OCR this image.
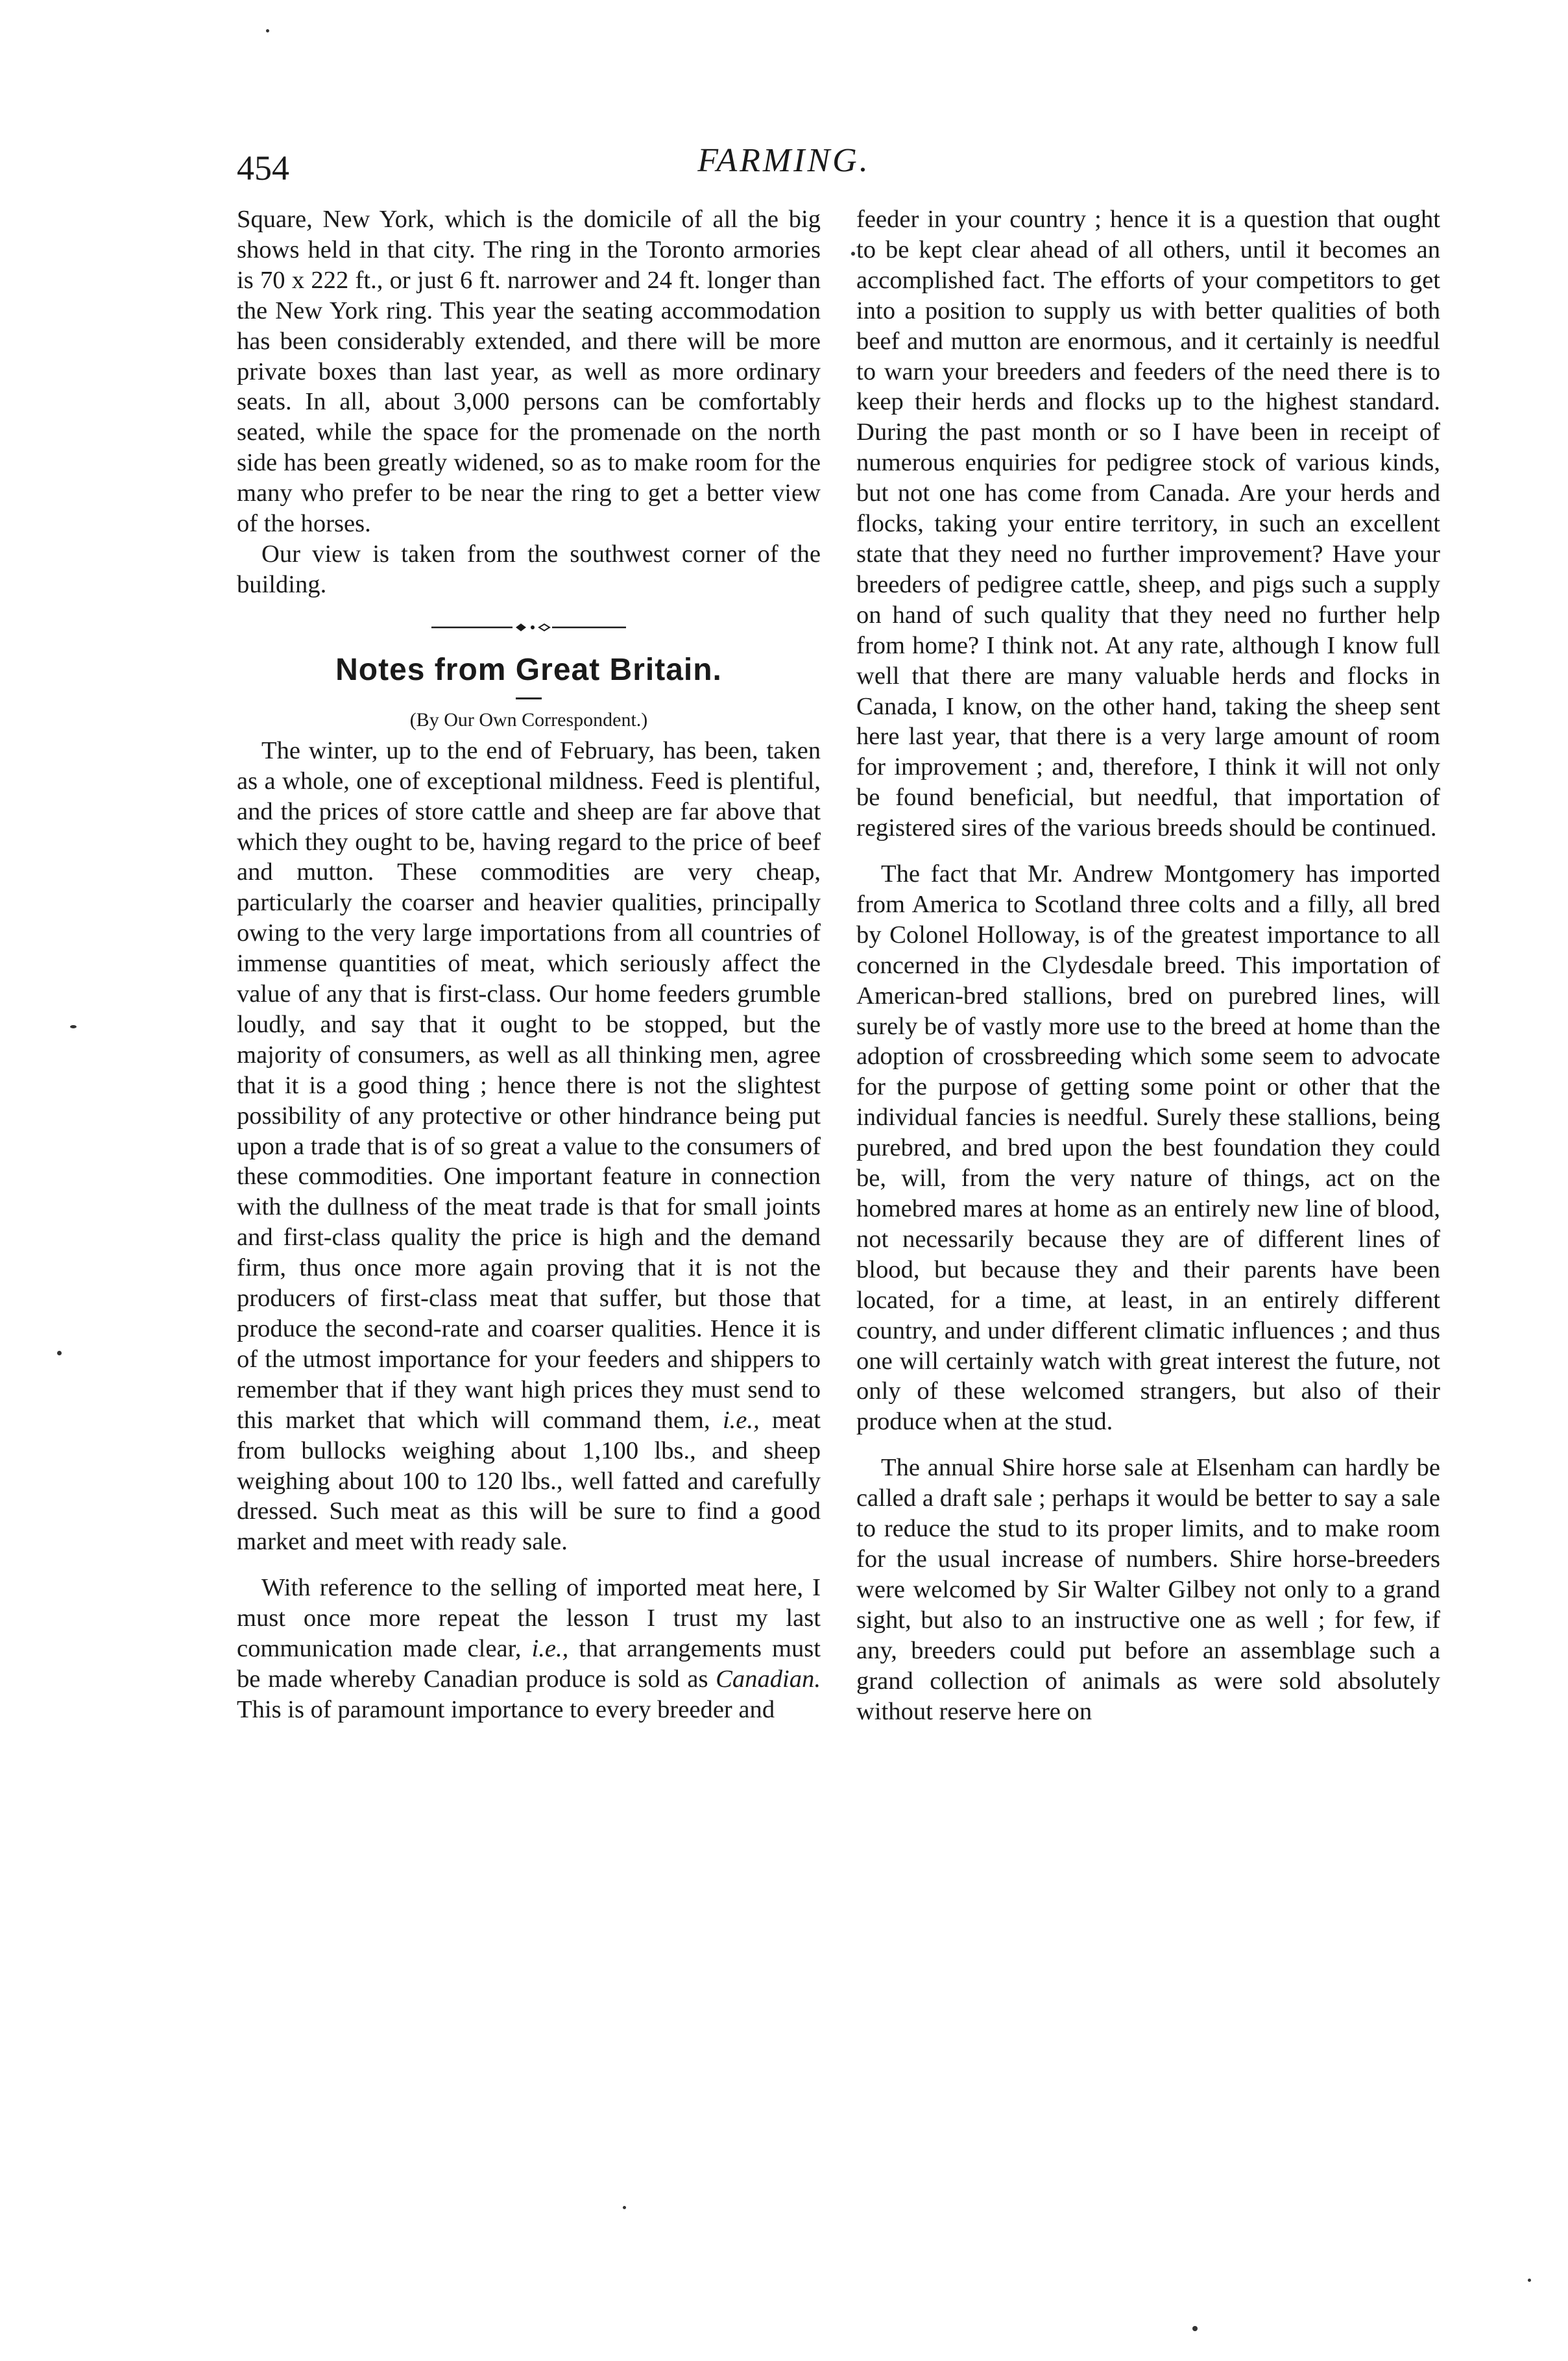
454	FARMING.

Square, New York, which is the domicile of all the big shows held in that city. The ring in the Toronto armories is 70 x 222 ft., or just 6 ft. narrower and 24 ft. longer than the New York ring. This year the seating accommodation has been considerably extended, and there will be more private boxes than last year, as well as more ordinary seats. In all, about 3,000 persons can be comfortably seated, while the space for the promenade on the north side has been greatly widened, so as to make room for the many who prefer to be near the ring to get a better view of the horses.

Our view is taken from the southwest corner of the building.

Notes from Great Britain.
(By Our Own Correspondent.)

The winter, up to the end of February, has been, taken as a whole, one of exceptional mildness. Feed is plentiful, and the prices of store cattle and sheep are far above that which they ought to be, having regard to the price of beef and mutton. These commodities are very cheap, particularly the coarser and heavier qualities, principally owing to the very large importations from all countries of immense quantities of meat, which seriously affect the value of any that is first-class. Our home feeders grumble loudly, and say that it ought to be stopped, but the majority of consumers, as well as all thinking men, agree that it is a good thing ; hence there is not the slightest possibility of any protective or other hindrance being put upon a trade that is of so great a value to the consumers of these commodities. One important feature in connection with the dullness of the meat trade is that for small joints and first-class quality the price is high and the demand firm, thus once more again proving that it is not the producers of first-class meat that suffer, but those that produce the second-rate and coarser qualities. Hence it is of the utmost importance for your feeders and shippers to remember that if they want high prices they must send to this market that which will command them, i.e., meat from bullocks weighing about 1,100 lbs., and sheep weighing about 100 to 120 lbs., well fatted and carefully dressed. Such meat as this will be sure to find a good market and meet with ready sale.

With reference to the selling of imported meat here, I must once more repeat the lesson I trust my last communication made clear, i.e., that arrangements must be made whereby Canadian produce is sold as Canadian. This is of paramount importance to every breeder and

feeder in your country ; hence it is a question that ought to be kept clear ahead of all others, until it becomes an accomplished fact. The efforts of your competitors to get into a position to supply us with better qualities of both beef and mutton are enormous, and it certainly is needful to warn your breeders and feeders of the need there is to keep their herds and flocks up to the highest standard. During the past month or so I have been in receipt of numerous enquiries for pedigree stock of various kinds, but not one has come from Canada. Are your herds and flocks, taking your entire territory, in such an excellent state that they need no further improvement? Have your breeders of pedigree cattle, sheep, and pigs such a supply on hand of such quality that they need no further help from home? I think not. At any rate, although I know full well that there are many valuable herds and flocks in Canada, I know, on the other hand, taking the sheep sent here last year, that there is a very large amount of room for improvement ; and, therefore, I think it will not only be found beneficial, but needful, that importation of registered sires of the various breeds should be continued.

The fact that Mr. Andrew Montgomery has imported from America to Scotland three colts and a filly, all bred by Colonel Holloway, is of the greatest importance to all concerned in the Clydesdale breed. This importation of American-bred stallions, bred on purebred lines, will surely be of vastly more use to the breed at home than the adoption of crossbreeding which some seem to advocate for the purpose of getting some point or other that the individual fancies is needful. Surely these stallions, being purebred, and bred upon the best foundation they could be, will, from the very nature of things, act on the homebred mares at home as an entirely new line of blood, not necessarily because they are of different lines of blood, but because they and their parents have been located, for a time, at least, in an entirely different country, and under different climatic influences ; and thus one will certainly watch with great interest the future, not only of these welcomed strangers, but also of their produce when at the stud.

The annual Shire horse sale at Elsenham can hardly be called a draft sale ; perhaps it would be better to say a sale to reduce the stud to its proper limits, and to make room for the usual increase of numbers. Shire horse-breeders were welcomed by Sir Walter Gilbey not only to a grand sight, but also to an instructive one as well ; for few, if any, breeders could put before an assemblage such a grand collection of animals as were sold absolutely without reserve here on
